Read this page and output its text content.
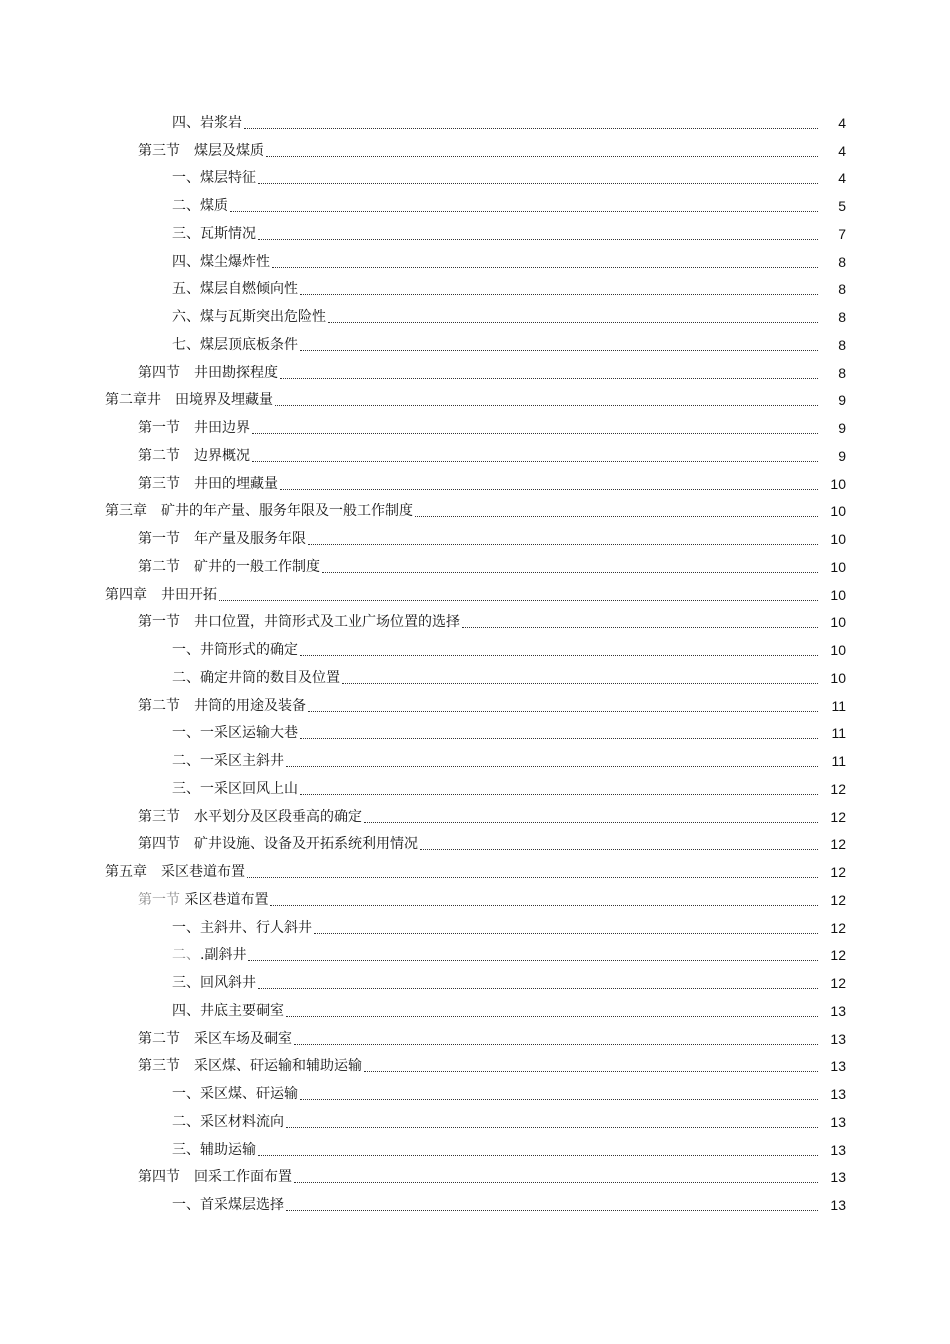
四、岩浆岩	4
第三节　煤层及煤质	4
一、煤层特征	4
二、煤质	5
三、瓦斯情况	7
四、煤尘爆炸性	8
五、煤层自燃倾向性	8
六、煤与瓦斯突出危险性	8
七、煤层顶底板条件	8
第四节　井田勘探程度	8
第二章井　田境界及埋藏量	9
第一节　井田边界	9
第二节　边界概况	9
第三节　井田的埋藏量	10
第三章　矿井的年产量、服务年限及一般工作制度	10
第一节　年产量及服务年限	10
第二节　矿井的一般工作制度	10
第四章　井田开拓	10
第一节　井口位置，井筒形式及工业广场位置的选择	10
一、井筒形式的确定	10
二、确定井筒的数目及位置	10
第二节　井筒的用途及装备	11
一、一采区运输大巷	11
二、一采区主斜井	11
三、一采区回风上山	12
第三节　水平划分及区段垂高的确定	12
第四节　矿井设施、设备及开拓系统利用情况	12
第五章　采区巷道布置	12
第一节 采区巷道布置	12
一、主斜井、行人斜井	12
二、.副斜井	12
三、回风斜井	12
四、井底主要硐室	13
第二节　采区车场及硐室	13
第三节　采区煤、矸运输和辅助运输	13
一、采区煤、矸运输	13
二、采区材料流向	13
三、辅助运输	13
第四节　回采工作面布置	13
一、首采煤层选择	13
